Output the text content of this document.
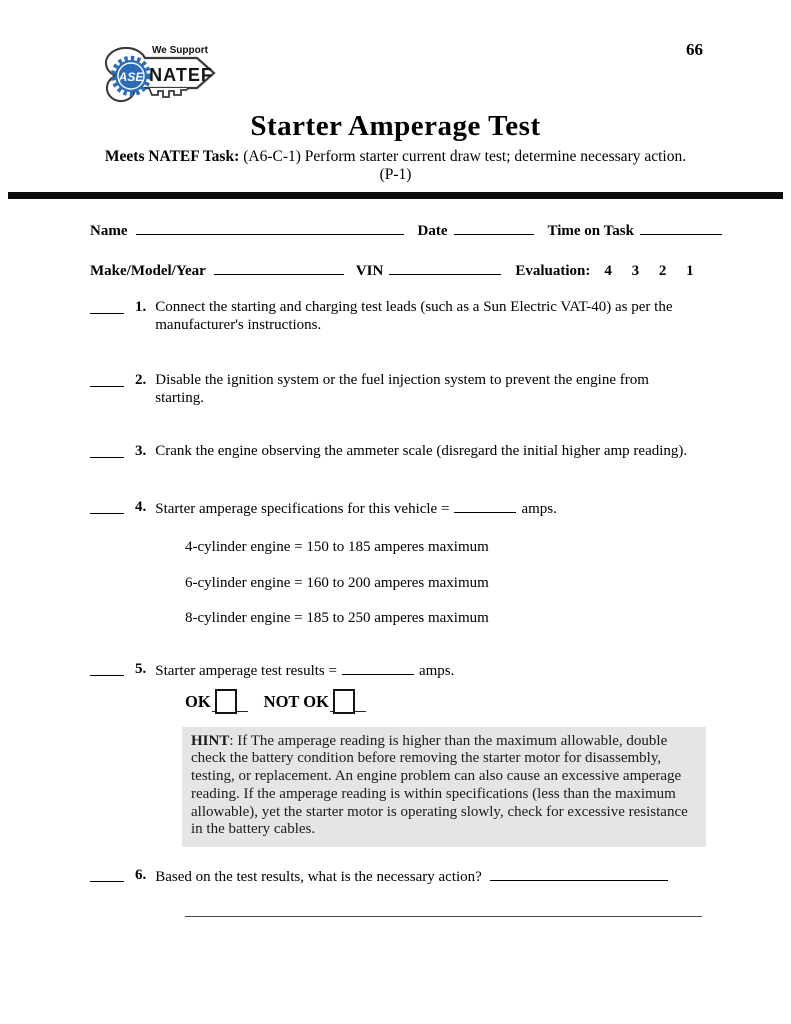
66
ASE
We Support
NATEF
Starter Amperage Test
Meets NATEF Task: (A6-C-1) Perform starter current draw test; determine necessary action.
(P-1)
Name	Date	Time on Task
Make/Model/Year	VIN	Evaluation: 4 3 2 1
1. Connect the starting and charging test leads (such as a Sun Electric VAT-40) as per the manufacturer's instructions.
2. Disable the ignition system or the fuel injection system to prevent the engine from starting.
3. Crank the engine observing the ammeter scale (disregard the initial higher amp reading).
4. Starter amperage specifications for this vehicle =	amps.
4-cylinder engine = 150 to 185 amperes maximum
6-cylinder engine = 160 to 200 amperes maximum
8-cylinder engine = 185 to 250 amperes maximum
5. Starter amperage test results =	amps.
OK	NOT OK
HINT: If The amperage reading is higher than the maximum allowable, double check the battery condition before removing the starter motor for disassembly, testing, or replacement. An engine problem can also cause an excessive amperage reading. If the amperage reading is within specifications (less than the maximum allowable), yet the starter motor is operating slowly, check for excessive resistance in the battery cables.
6. Based on the test results, what is the necessary action?
